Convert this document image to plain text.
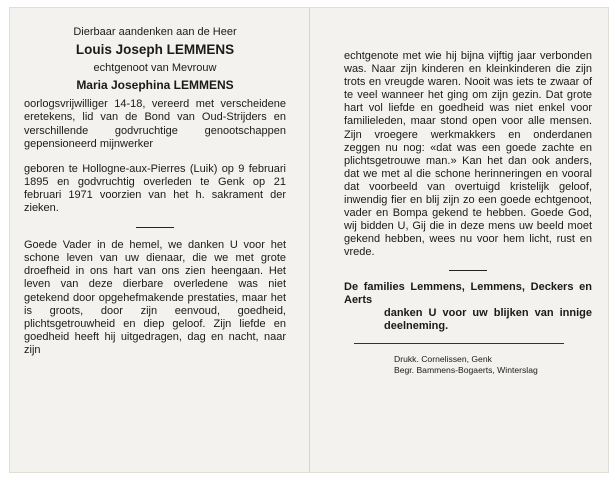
Dierbaar aandenken aan de Heer

Louis Joseph LEMMENS

echtgenoot van Mevrouw

Maria Josephina LEMMENS

oorlogsvrijwilliger 14-18, vereerd met verscheidene eretekens, lid van de Bond van Oud-Strijders en verschillende godvruchtige genootschappen gepensioneerd mijnwerker

geboren te Hollogne-aux-Pierres (Luik) op 9 februari 1895 en godvruchtig overleden te Genk op 21 februari 1971 voorzien van het h. sakrament der zieken.

Goede Vader in de hemel, we danken U voor het schone leven van uw dienaar, die we met grote droefheid in ons hart van ons zien heengaan. Het leven van deze dierbare overledene was niet getekend door opgehefmakende prestaties, maar het is groots, door zijn eenvoud, goedheid, plichtsgetrouwheid en diep geloof. Zijn liefde en goedheid heeft hij uitgedragen, dag en nacht, naar zijn

echtgenote met wie hij bijna vijftig jaar verbonden was. Naar zijn kinderen en kleinkinderen die zijn trots en vreugde waren. Nooit was iets te zwaar of te veel wanneer het ging om zijn gezin. Dat grote hart vol liefde en goedheid was niet enkel voor familieleden, maar stond open voor alle mensen. Zijn vroegere werkmakkers en onderdanen zeggen nu nog: «dat was een goede zachte en plichtsgetrouwe man.» Kan het dan ook anders, dat we met al die schone herinneringen en vooral dat voorbeeld van overtuigd kristelijk geloof, inwendig fier en blij zijn zo een goede echtgenoot, vader en Bompa gekend te hebben. Goede God, wij bidden U, Gij die in deze mens uw beeld moet gekend hebben, wees nu voor hem licht, rust en vrede.

De families Lemmens, Lemmens, Deckers en Aerts

danken U voor uw blijken van innige deelneming.

Drukk. Cornelissen, Genk
Begr. Bammens-Bogaerts, Winterslag
